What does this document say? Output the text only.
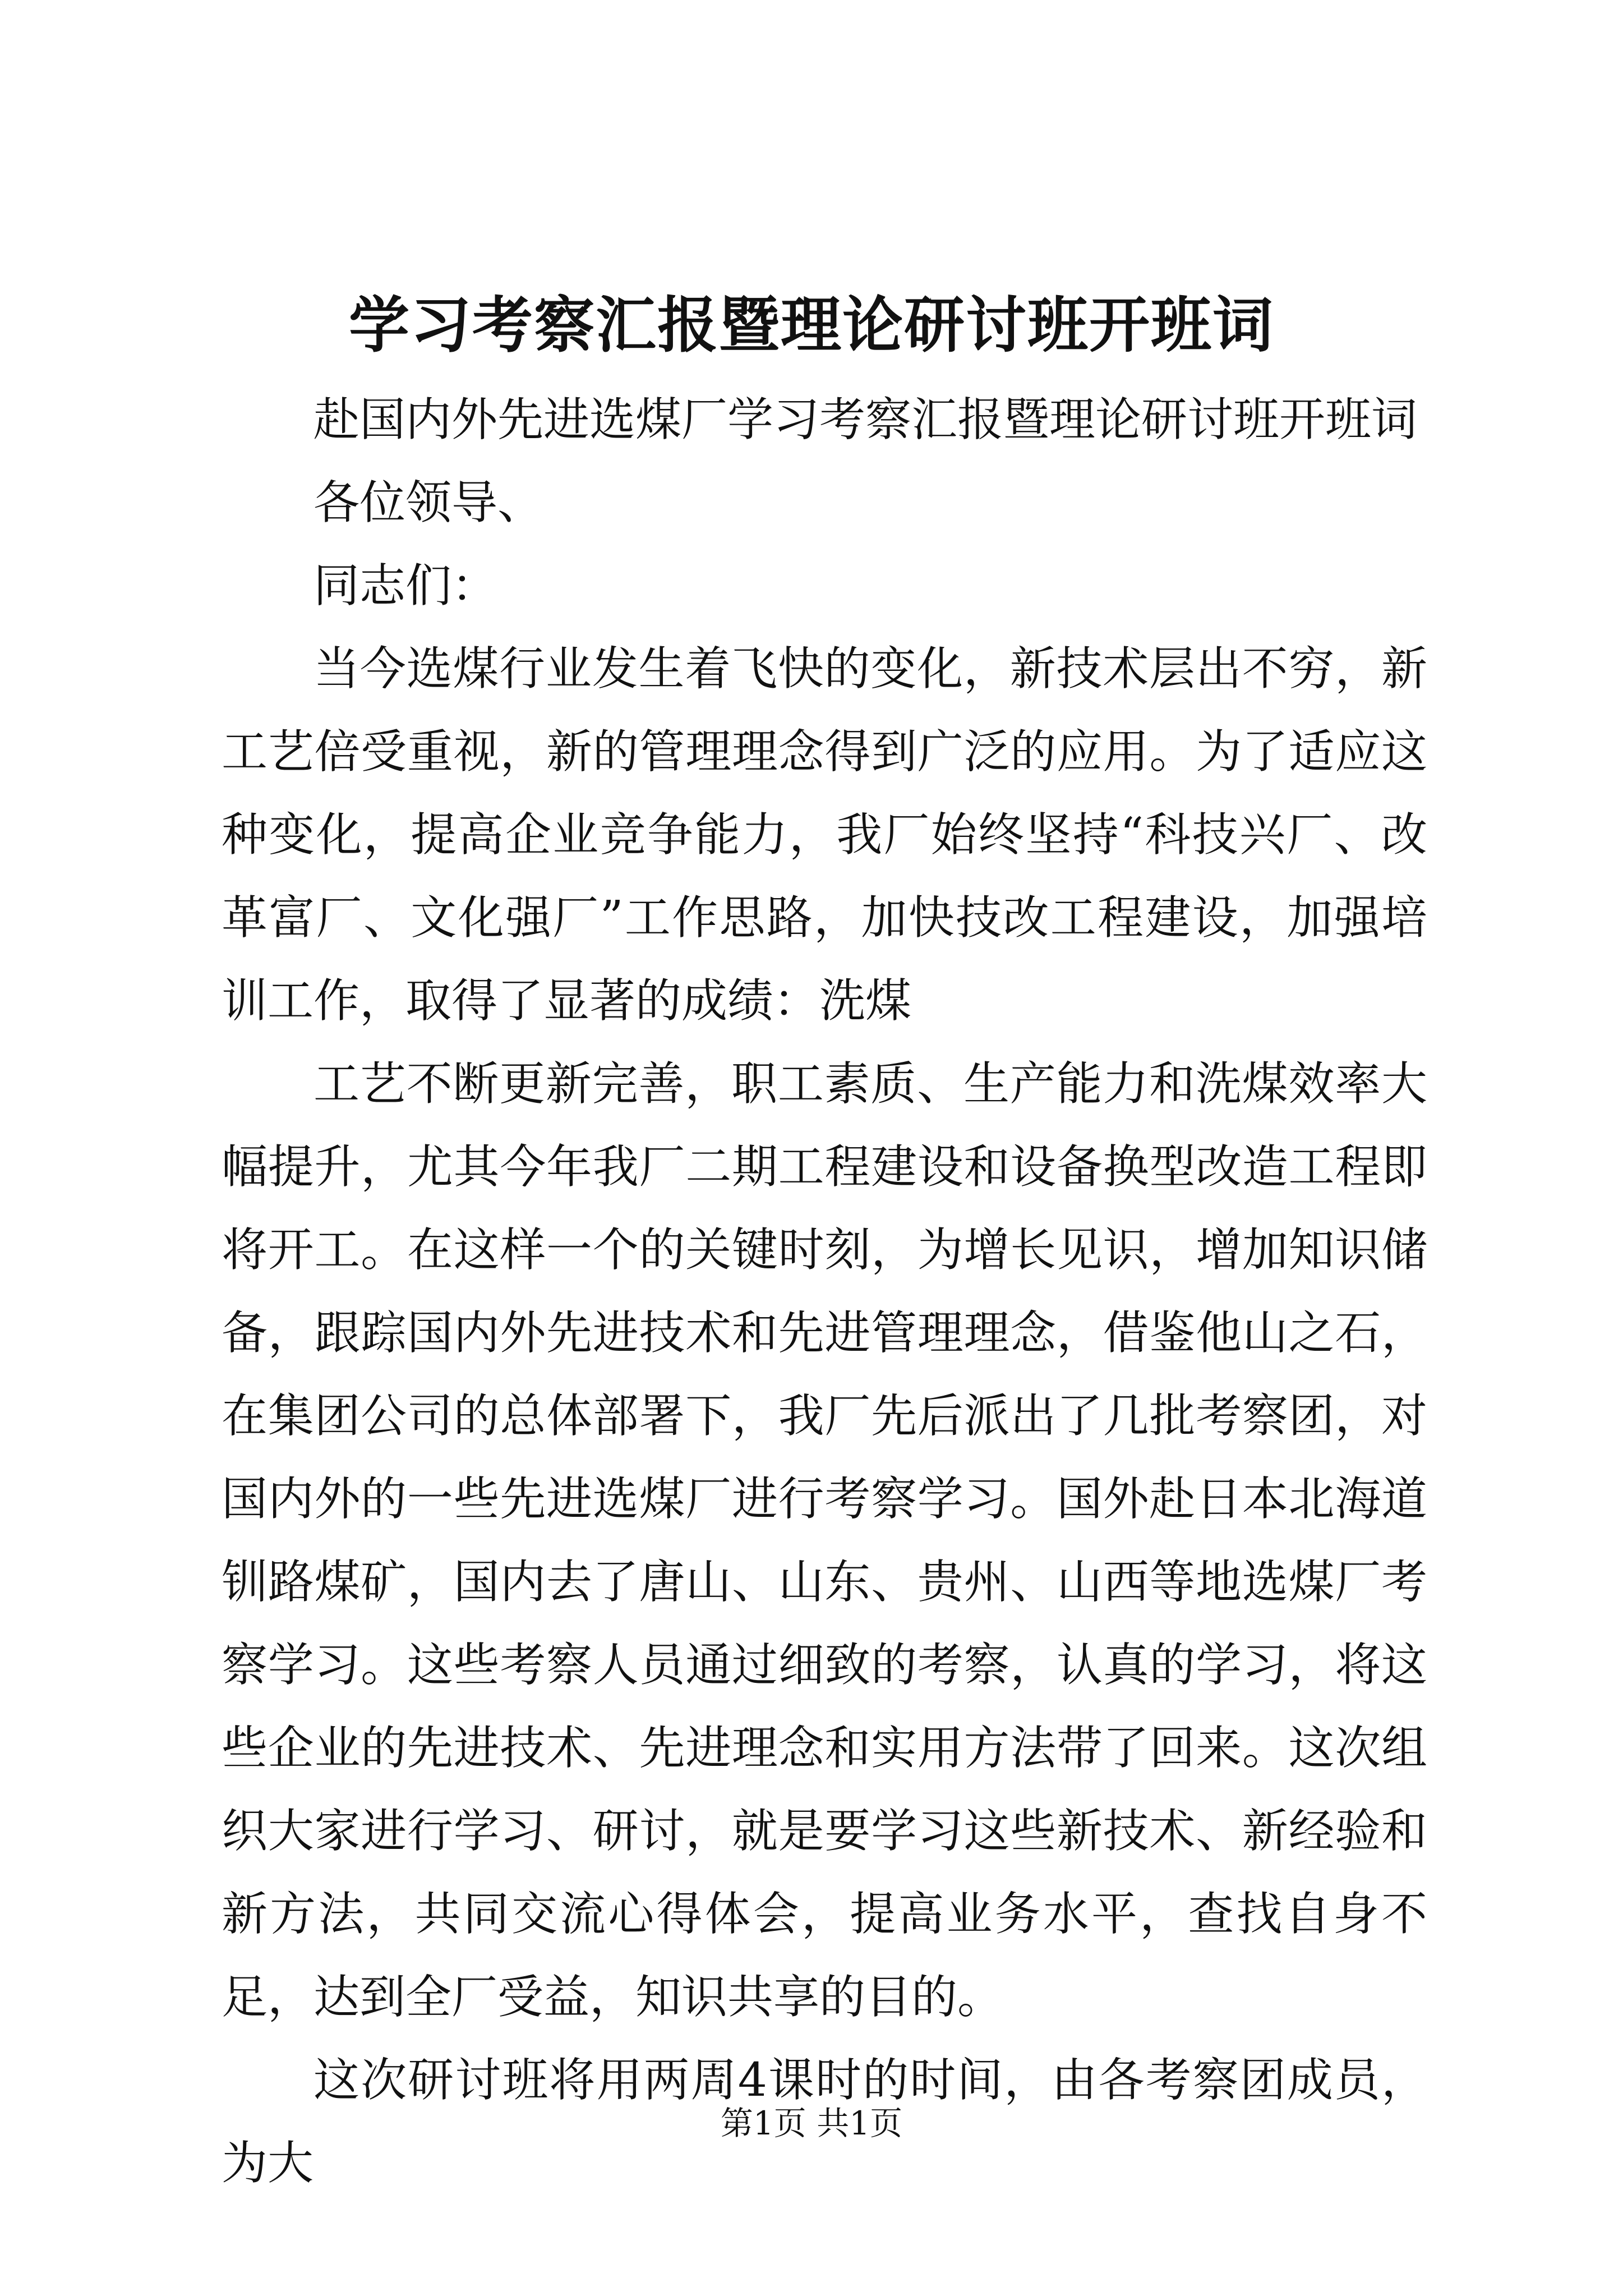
学习考察汇报暨理论研讨班开班词

赴国内外先进选煤厂学习考察汇报暨理论研讨班开班词

各位领导、

同志们：

当今选煤行业发生着飞快的变化，新技术层出不穷，新工艺倍受重视，新的管理理念得到广泛的应用。为了适应这种变化，提高企业竞争能力，我厂始终坚持“科技兴厂、改革富厂、文化强厂”工作思路，加快技改工程建设，加强培训工作，取得了显著的成绩：洗煤

工艺不断更新完善，职工素质、生产能力和洗煤效率大幅提升，尤其今年我厂二期工程建设和设备换型改造工程即将开工。在这样一个的关键时刻，为增长见识，增加知识储备，跟踪国内外先进技术和先进管理理念，借鉴他山之石，在集团公司的总体部署下，我厂先后派出了几批考察团，对国内外的一些先进选煤厂进行考察学习。国外赴日本北海道钏路煤矿，国内去了唐山、山东、贵州、山西等地选煤厂考察学习。这些考察人员通过细致的考察，认真的学习，将这些企业的先进技术、先进理念和实用方法带了回来。这次组织大家进行学习、研讨，就是要学习这些新技术、新经验和新方法，共同交流心得体会，提高业务水平，查找自身不足，达到全厂受益，知识共享的目的。

这次研讨班将用两周4课时的时间，由各考察团成员，为大

第1页 共1页
